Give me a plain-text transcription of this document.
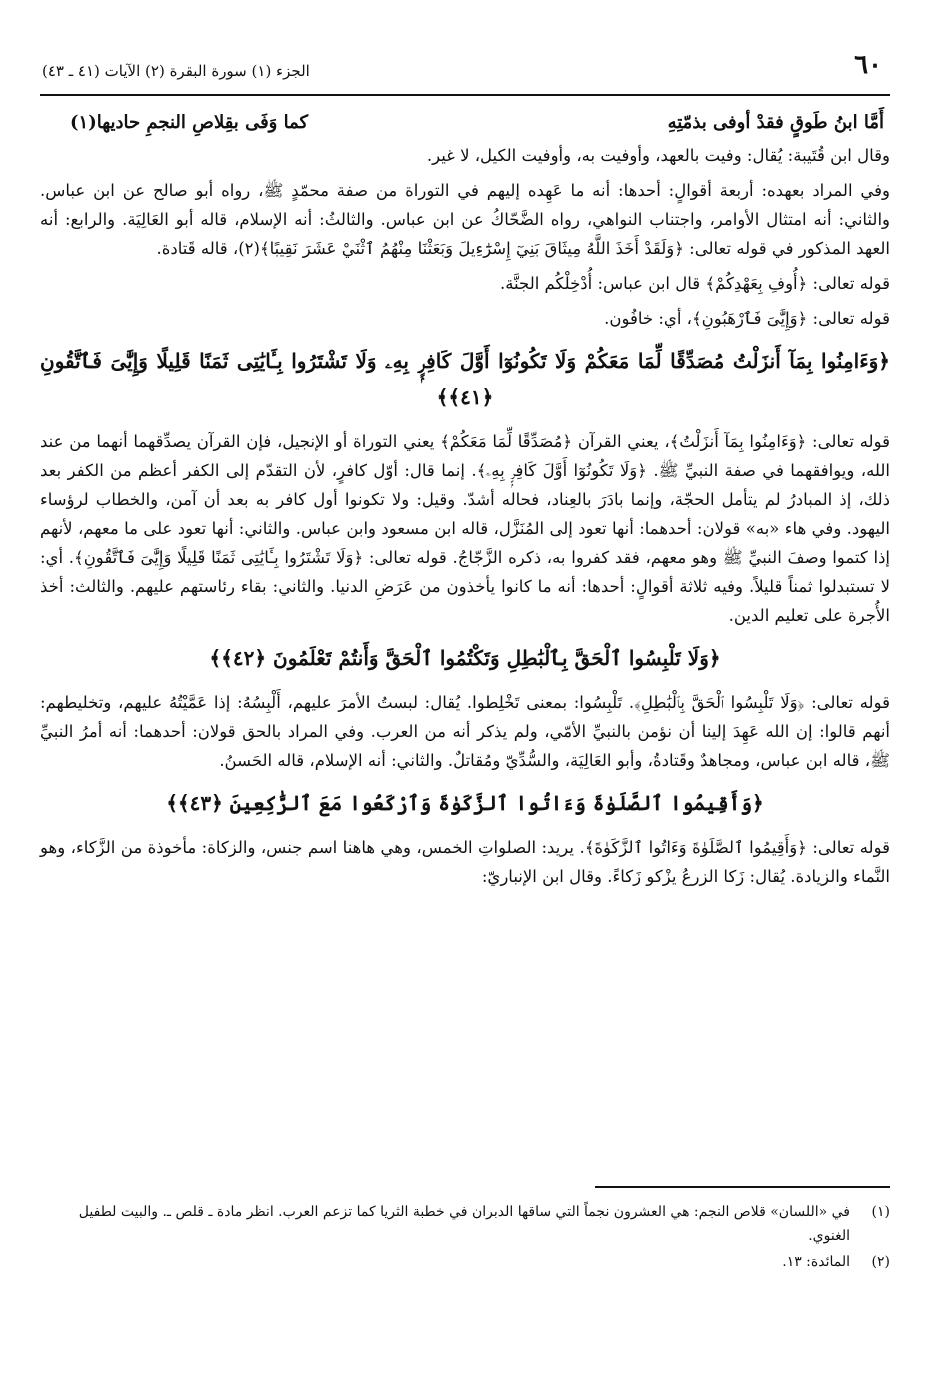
٦٠
الجزء (١) سورة البقرة (٢) الآيات (٤١ ـ ٤٣)
أَمَّا ابنُ طَوقٍ فقدْ أوفى بذمّتِهِ
كما وَفَى بقِلاصِ النجمِ حاديها(١)

وقال ابن قُتَيبة: يُقال: وفيت بالعهد، وأوفيت به، وأوفيت الكيل، لا غير.

وفي المراد بعهده: أربعة أقوالٍ: أحدها: أنه ما عَهِده إليهم في التوراة من صفة محمّدٍ ﷺ، رواه أبو صالح عن ابن عباس. والثاني: أنه امتثال الأوامر، واجتناب النواهي، رواه الضَّحّاكُ عن ابن عباس. والثالثُ: أنه الإسلام، قاله أبو العَالِيَة. والرابع: أنه العهد المذكور في قوله تعالى: ﴿وَلَقَدْ أَخَذَ اللَّهُ مِيثَاقَ بَنِيٓ إِسْرَٰٓءِيلَ وَبَعَثْنَا مِنْهُمُ ٱثْنَيْ عَشَرَ نَقِيبًا﴾(٢)، قاله قَتادة.

قوله تعالى: ﴿أُوفِ بِعَهْدِكُمْ﴾ قال ابن عباس: أُدْخِلْكُم الجنَّة.

قوله تعالى: ﴿وَإِيَّٰىَ فَٱرْهَبُونِ﴾، أي: خافُون.

﴿وَءَامِنُوا بِمَآ أَنزَلْتُ مُصَدِّقًا لِّمَا مَعَكُمْ وَلَا تَكُونُوٓا أَوَّلَ كَافِرٍۭ بِهِۦ وَلَا تَشْتَرُوا بِـَٔايَٰتِى ثَمَنًا قَلِيلًا وَإِيَّٰىَ فَٱتَّقُونِ ﴿٤١﴾﴾

قوله تعالى: ﴿وَءَامِنُوا بِمَآ أَنزَلْتُ﴾، يعني القرآن ﴿مُصَدِّقًا لِّمَا مَعَكُمْ﴾ يعني التوراة أو الإنجيل، فإن القرآن يصدِّقهما أنهما من عند الله، ويوافقهما في صفة النبيِّ ﷺ. ﴿وَلَا تَكُونُوٓا أَوَّلَ كَافِرٍۭ بِهِۦ﴾. إنما قال: أوّل كافرٍ، لأن التقدّم إلى الكفر أعظم من الكفر بعد ذلك، إذ المبادرُ لم يتأمل الحجّة، وإنما بادَرَ بالعِناد، فحاله أشدّ. وقيل: ولا تكونوا أول كافر به بعد أن آمن، والخطاب لرؤساء اليهود. وفي هاء «به» قولان: أحدهما: أنها تعود إلى المُنَزَّل، قاله ابن مسعود وابن عباس. والثاني: أنها تعود على ما معهم، لأنهم إذا كتموا وصفَ النبيِّ ﷺ وهو معهم، فقد كفروا به، ذكره الزَّجّاجُ. قوله تعالى: ﴿وَلَا تَشْتَرُوا بِـَٔايَٰتِى ثَمَنًا قَلِيلًا وَإِيَّٰىَ فَٱتَّقُونِ﴾. أي: لا تستبدلوا ثمناً قليلاً. وفيه ثلاثة أقوالٍ: أحدها: أنه ما كانوا يأخذون من عَرَضِ الدنيا. والثاني: بقاء رئاستهم عليهم. والثالث: أخذ الأُجرة على تعليم الدين.

﴿وَلَا تَلْبِسُوا ٱلْحَقَّ بِٱلْبَٰطِلِ وَتَكْتُمُوا ٱلْحَقَّ وَأَنتُمْ تَعْلَمُونَ ﴿٤٢﴾﴾

قوله تعالى: ﴿وَلَا تَلْبِسُوا ٱلْحَقَّ بِٱلْبَٰطِلِ﴾. تَلْبِسُوا: بمعنى تَخْلِطوا. يُقال: لبستُ الأمرَ عليهم، أَلْبِسُهُ: إذا عَمَّيْتُهُ عليهم، وتخليطهم: أنهم قالوا: إن الله عَهِدَ إلينا أن نؤمن بالنبيِّ الأمّي، ولم يذكر أنه من العرب. وفي المراد بالحق قولان: أحدهما: أنه أمرُ النبيِّ ﷺ، قاله ابن عباس، ومجاهدٌ وقَتادةُ، وأبو العَالِيَة، والسُّدِّيّ ومُقاتلٌ. والثاني: أنه الإسلام، قاله الحَسنُ.

﴿وَأَقِيمُوا ٱلصَّلَوٰةَ وَءَاتُوا ٱلزَّكَوٰةَ وَٱرْكَعُوا مَعَ ٱلرَّٰكِعِينَ ﴿٤٣﴾﴾

قوله تعالى: ﴿وَأَقِيمُوا ٱلصَّلَوٰةَ وَءَاتُوا ٱلزَّكَوٰةَ﴾. يريد: الصلواتِ الخمس، وهي هاهنا اسم جنس، والزكاة: مأخوذة من الزَّكاء، وهو النَّماء والزيادة. يُقال: زَكا الزرعُ يزْكو زَكاءً. وقال ابن الإنباريّ:

(١)
في «اللسان» قلاص النجم: هي العشرون نجماً التي ساقها الدبران في خطبة الثريا كما تزعم العرب. انظر مادة ـ قلص ـ. والبيت لطفيل الغنوي.
(٢)
المائدة: ١٣.
